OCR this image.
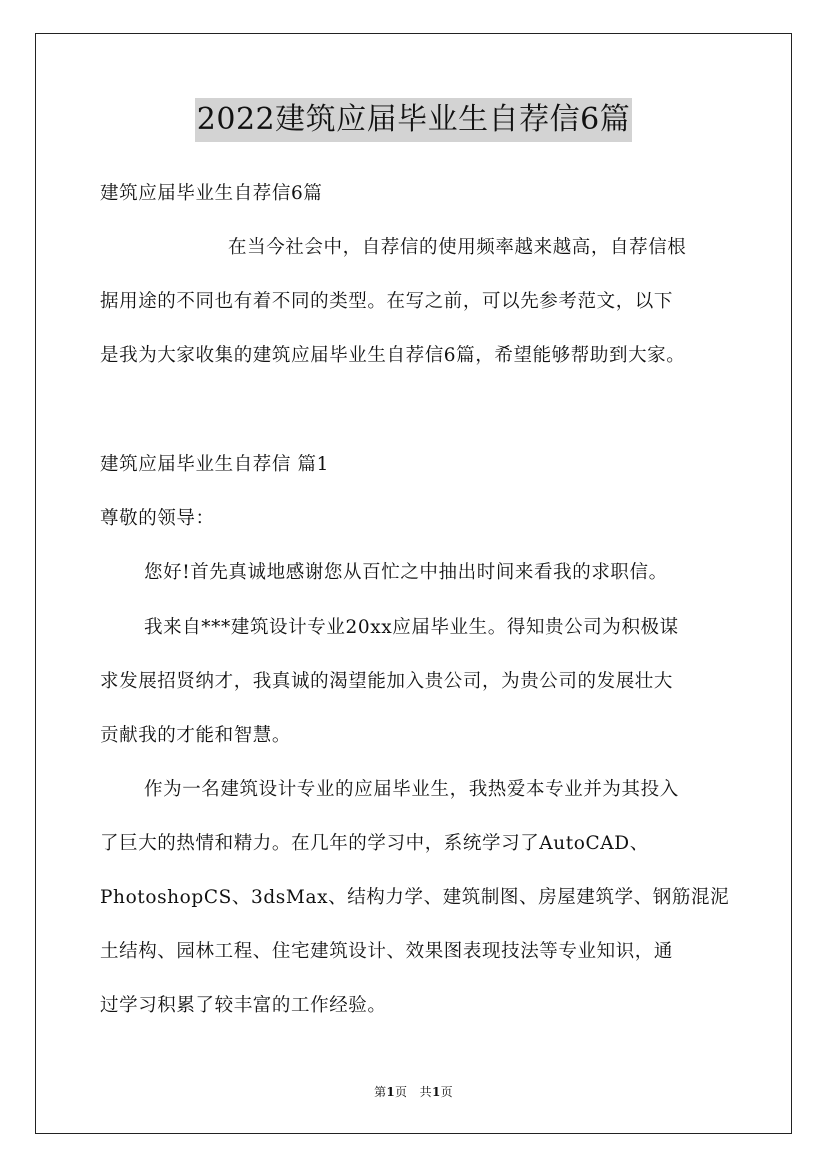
2022建筑应届毕业生自荐信6篇
建筑应届毕业生自荐信6篇
在当今社会中，自荐信的使用频率越来越高，自荐信根
据用途的不同也有着不同的类型。在写之前，可以先参考范文，以下
是我为大家收集的建筑应届毕业生自荐信6篇，希望能够帮助到大家。
建筑应届毕业生自荐信 篇1
尊敬的领导：
您好!首先真诚地感谢您从百忙之中抽出时间来看我的求职信。
我来自***建筑设计专业20xx应届毕业生。得知贵公司为积极谋
求发展招贤纳才，我真诚的渴望能加入贵公司，为贵公司的发展壮大
贡献我的才能和智慧。
作为一名建筑设计专业的应届毕业生，我热爱本专业并为其投入
了巨大的热情和精力。在几年的学习中，系统学习了AutoCAD、
PhotoshopCS、3dsMax、结构力学、建筑制图、房屋建筑学、钢筋混泥
土结构、园林工程、住宅建筑设计、效果图表现技法等专业知识，通
过学习积累了较丰富的工作经验。
第1页　共1页
